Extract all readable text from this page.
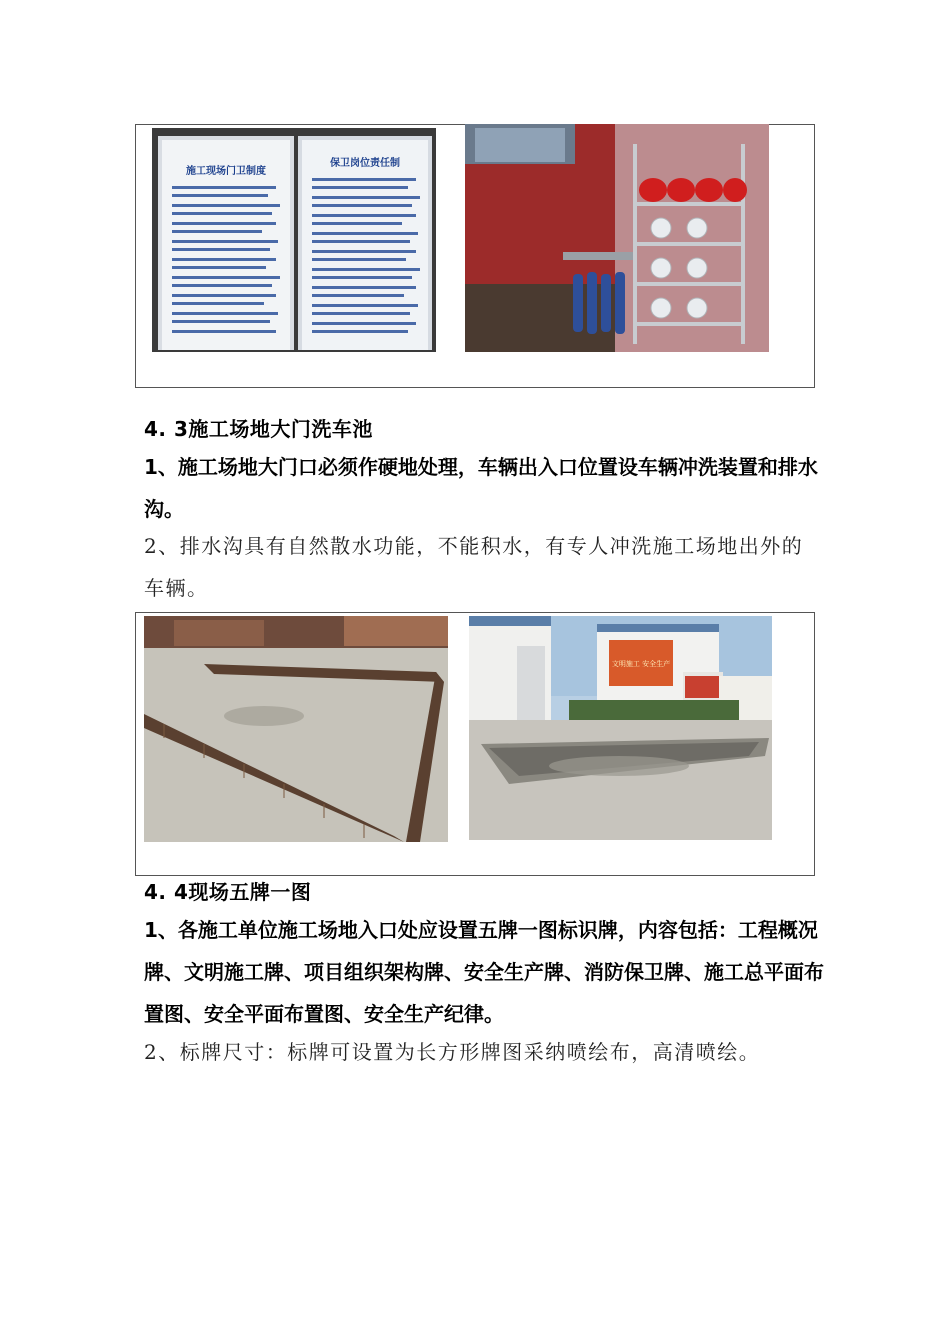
施工现场门卫制度
保卫岗位责任制
4. 3施工场地大门洗车池
1、施工场地大门口必须作硬地处理，车辆出入口位置设车辆冲洗装置和排水沟。
2、排水沟具有自然散水功能，不能积水，有专人冲洗施工场地出外的车辆。
文明施工 安全生产
4. 4现场五牌一图
1、各施工单位施工场地入口处应设置五牌一图标识牌，内容包括：工程概况牌、文明施工牌、项目组织架构牌、安全生产牌、消防保卫牌、施工总平面布置图、安全平面布置图、安全生产纪律。
2、标牌尺寸：标牌可设置为长方形牌图采纳喷绘布，高清喷绘。
